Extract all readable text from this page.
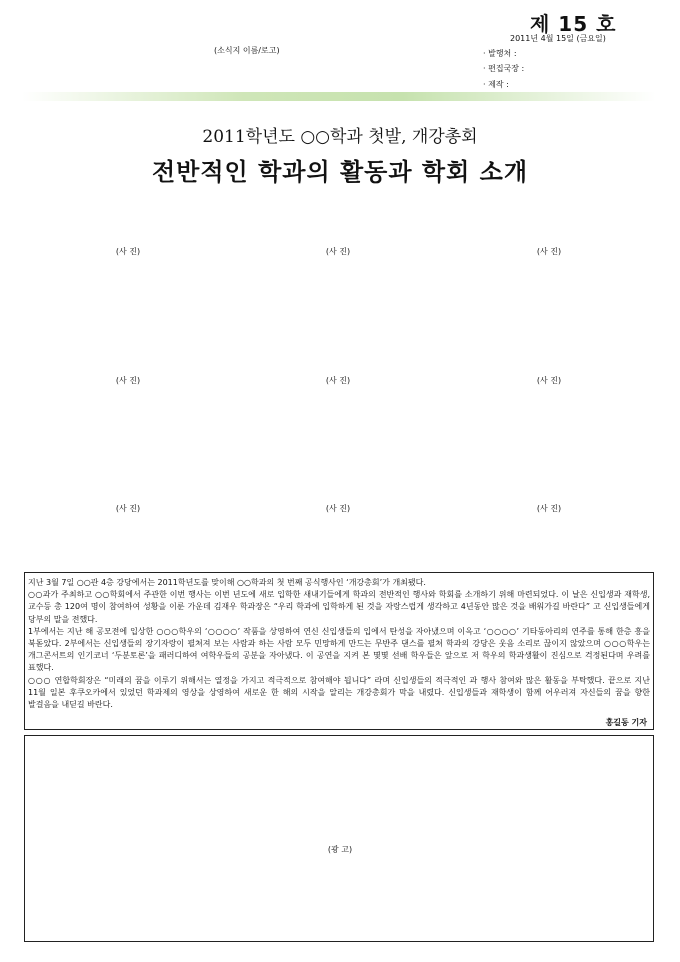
제 15 호
(소식지 이름/로고)
2011년 4월 15일 (금요일)
· 발행처 :
· 편집국장 :
· 제작 :
2011학년도 ○○학과 첫발, 개강총회
전반적인 학과의 활동과 학회 소개
(사 진)	(사 진)	(사 진)
(사 진)	(사 진)	(사 진)
(사 진)	(사 진)	(사 진)

지난 3월 7일 ○○관 4층 강당에서는 2011학년도를 맞이해 ○○학과의 첫 번째 공식행사인 ‘개강총회’가 개최됐다.

○○과가 주최하고 ○○학회에서 주관한 이번 행사는 이번 년도에 새로 입학한 새내기들에게 학과의 전반적인 행사와 학회를 소개하기 위해 마련되었다. 이 날은 신입생과 재학생, 교수등 총 120여 명이 참여하여 성황을 이룬 가운데 김재우 학과장은 “우리 학과에 입학하게 된 것을 자랑스럽게 생각하고 4년동안 많은 것을 배워가길 바란다” 고 신입생들에게 당부의 말을 전했다.

1부에서는 지난 해 공모전에 입상한 ○○○학우의 ‘○○○○’ 작품을 상영하여 연신 신입생들의 입에서 탄성을 자아냈으며 이윽고 ‘○○○○’ 기타동아리의 연주를 통해 한층 흥을 북돋았다. 2부에서는 신입생들의 장기자랑이 펼쳐져 보는 사람과 하는 사람 모두 민망하게 만드는 무반주 댄스를 펼쳐 학과의 강당은 웃음 소리로 끊이지 않았으며 ○○○학우는 개그콘서트의 인기코너 ‘두분토론’을 패러디하여 여학우들의 공분을 자아냈다. 이 공연을 지켜 본 몇몇 선배 학우들은 앞으로 저 학우의 학과생활이 진심으로 걱정된다며 우려를 표했다.

○○○ 연합학회장은 “미래의 꿈을 이루기 위해서는 열정을 가지고 적극적으로 참여해야 됩니다” 라며 신입생들의 적극적인 과 행사 참여와 많은 활동을 부탁했다. 끝으로 지난 11월 일본 후쿠오카에서 있었던 학과제의 영상을 상영하여 새로운 한 해의 시작을 알리는 개강총회가 막을 내렸다. 신입생들과 재학생이 함께 어우러져 자신들의 꿈을 향한 발걸음을 내딛길 바란다.

홍길동 기자
(광 고)
